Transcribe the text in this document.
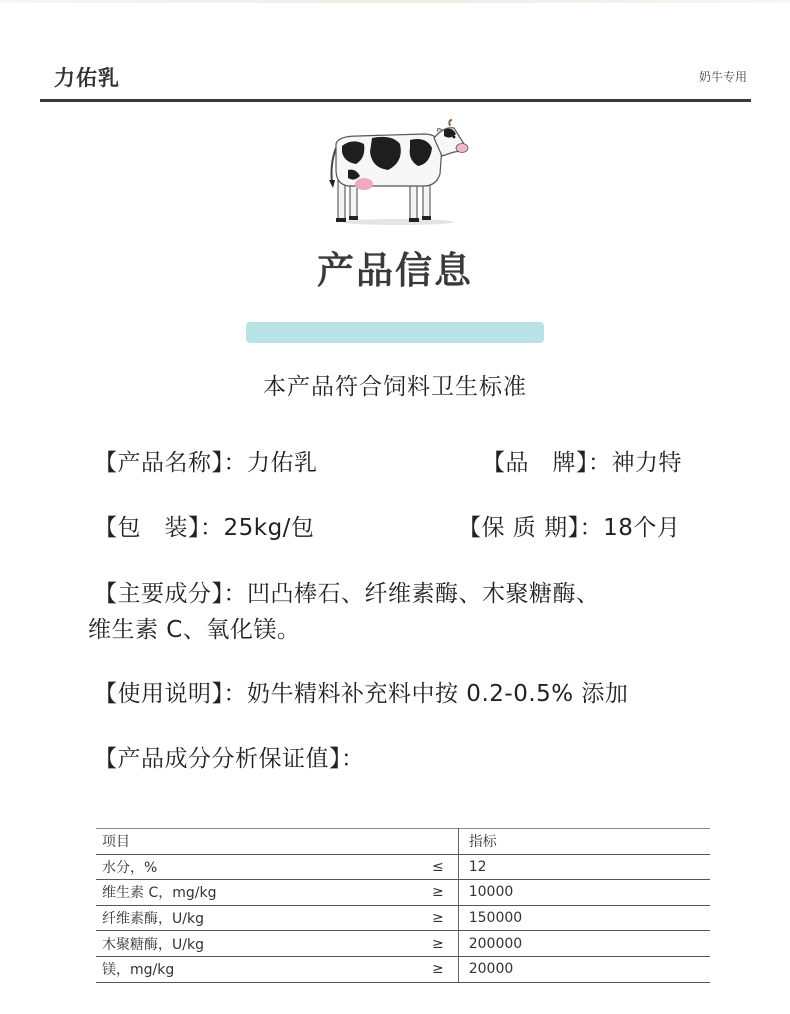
力佑乳	奶牛专用
产品信息
本产品符合饲料卫生标准
【产品名称】：力佑乳	【品　牌】：神力特
【包　装】：25kg/包	【保 质 期】：18个月
【主要成分】：凹凸棒石、纤维素酶、木聚糖酶、
维生素 C、氧化镁。
【使用说明】：奶牛精料补充料中按 0.2-0.5% 添加
【产品成分分析保证值】：
项目		指标
水分，%	≤	12
维生素 C，mg/kg	≥	10000
纤维素酶，U/kg	≥	150000
木聚糖酶，U/kg	≥	200000
镁，mg/kg	≥	20000
